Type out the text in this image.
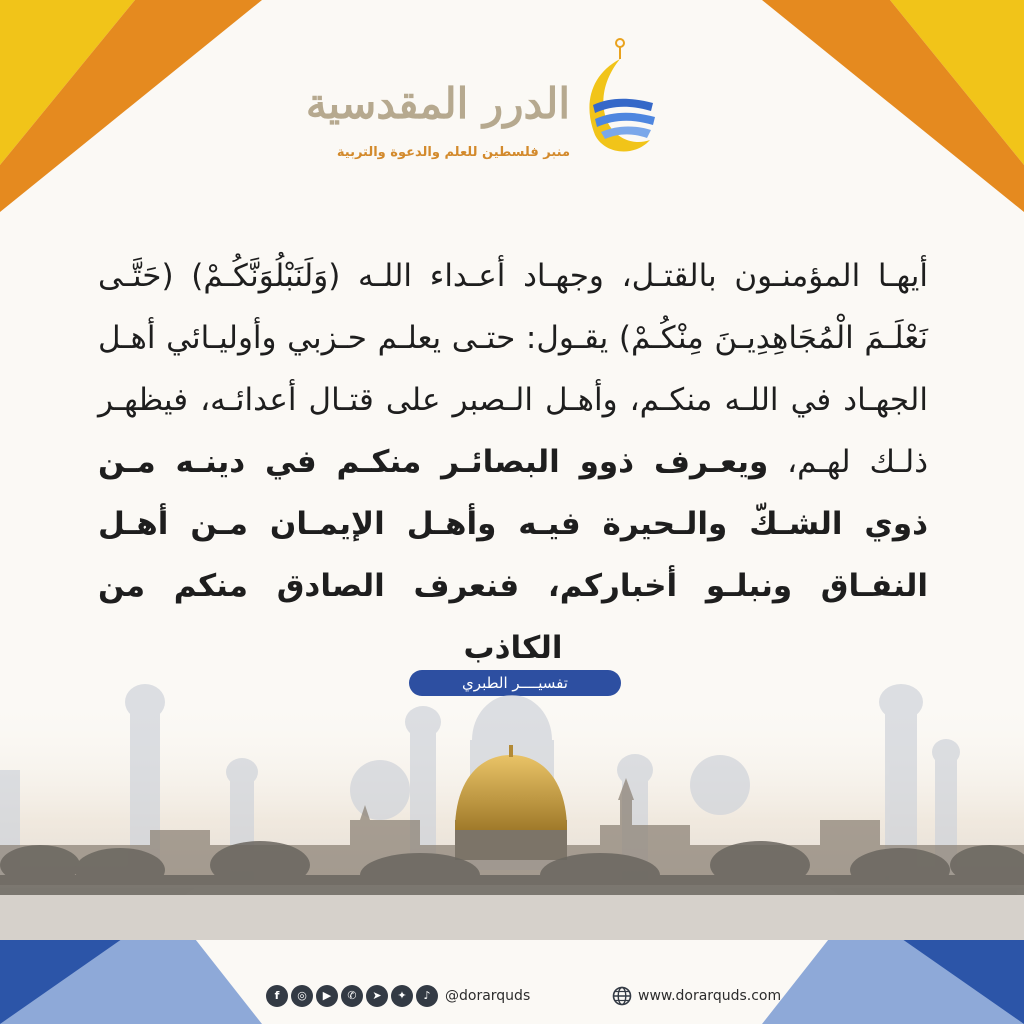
الدرر المقدسية
منبر فلسطين للعلم والدعوة والتربية
أيهـا المؤمنـون بالقتـل، وجهـاد أعـداء اللـه (وَلَنَبْلُوَنَّكُـمْ) (حَتَّـى نَعْلَـمَ الْمُجَاهِدِيـنَ مِنْكُـمْ) يقـول: حتـى يعلـم حـزبي وأوليـائي أهـل الجهـاد في اللـه منكـم، وأهـل الـصبر على قتـال أعدائـه، فيظهـر ذلـك لهـم، ويعـرف ذوو البصائـر منكـم في دينـه مـن ذوي الشـكّ والـحيرة فيـه وأهـل الإيمـان مـن أهـل النفـاق ونبلـو أخباركم، فنعرف الصادق منكم من الكاذب
تفسيــــر الطبري
f	◎	▶	✆	➤	✦	♪	@dorarquds	www.dorarquds.com
